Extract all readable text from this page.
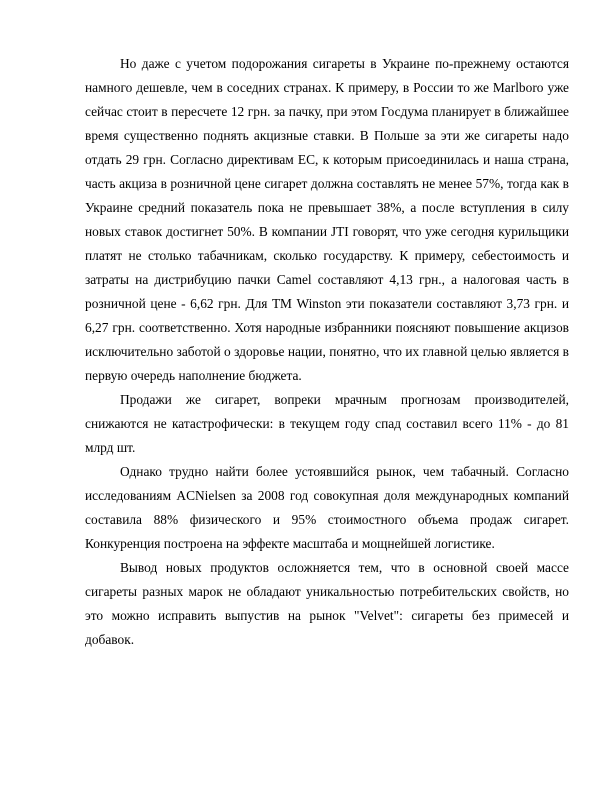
Но даже с учетом подорожания сигареты в Украине по-прежнему остаются намного дешевле, чем в соседних странах. К примеру, в России то же Marlboro уже сейчас стоит в пересчете 12 грн. за пачку, при этом Госдума планирует в ближайшее время существенно поднять акцизные ставки. В Польше за эти же сигареты надо отдать 29 грн. Согласно директивам ЕС, к которым присоединилась и наша страна, часть акциза в розничной цене сигарет должна составлять не менее 57%, тогда как в Украине средний показатель пока не превышает 38%, а после вступления в силу новых ставок достигнет 50%. В компании JTI говорят, что уже сегодня курильщики платят не столько табачникам, сколько государству. К примеру, себестоимость и затраты на дистрибуцию пачки Camel составляют 4,13 грн., а налоговая часть в розничной цене - 6,62 грн. Для ТМ Winston эти показатели составляют 3,73 грн. и 6,27 грн. соответственно. Хотя народные избранники поясняют повышение акцизов исключительно заботой о здоровье нации, понятно, что их главной целью является в первую очередь наполнение бюджета.

Продажи же сигарет, вопреки мрачным прогнозам производителей, снижаются не катастрофически: в текущем году спад составил всего 11% - до 81 млрд шт.

Однако трудно найти более устоявшийся рынок, чем табачный. Согласно исследованиям ACNielsen за 2008 год совокупная доля международных компаний составила 88% физического и 95% стоимостного объема продаж сигарет. Конкуренция построена на эффекте масштаба и мощнейшей логистике.

Вывод новых продуктов осложняется тем, что в основной своей массе сигареты разных марок не обладают уникальностью потребительских свойств, но это можно исправить выпустив на рынок "Velvet": сигареты без примесей и добавок.
